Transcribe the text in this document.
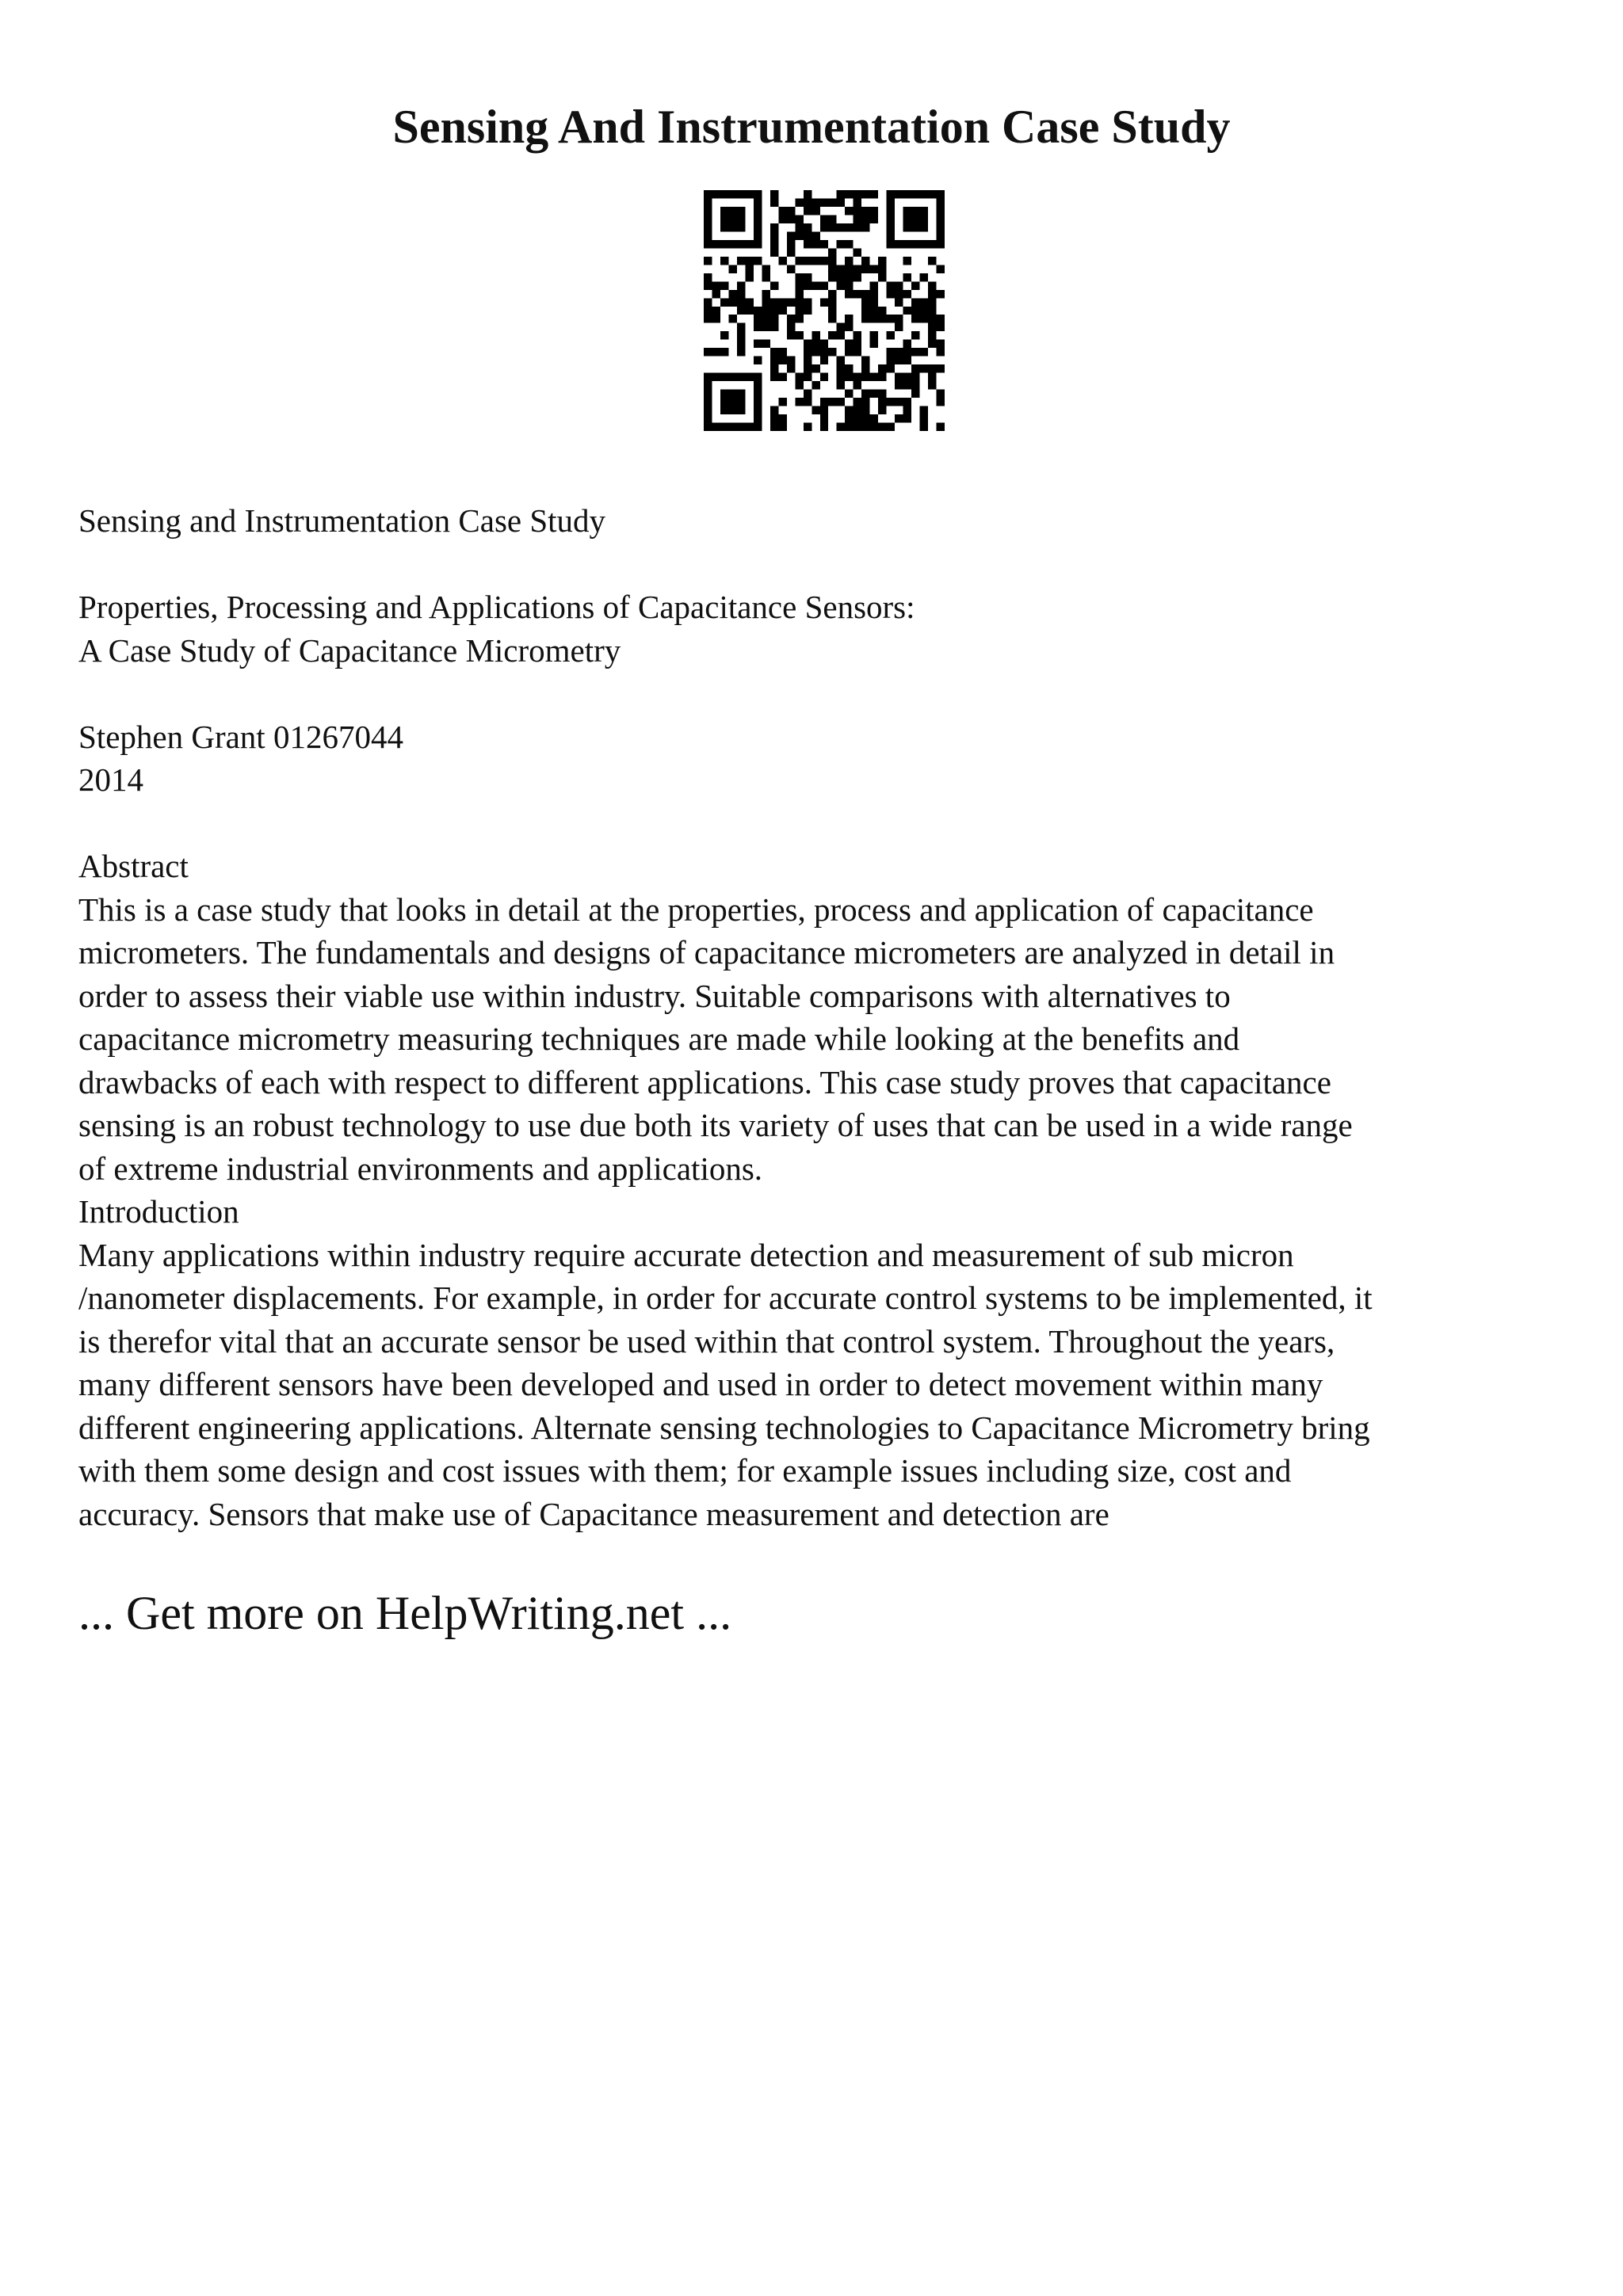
Sensing And Instrumentation Case Study

Sensing and Instrumentation Case Study

Properties, Processing and Applications of Capacitance Sensors:

A Case Study of Capacitance Micrometry

Stephen Grant 01267044

2014

Abstract

This is a case study that looks in detail at the properties, process and application of capacitance

micrometers. The fundamentals and designs of capacitance micrometers are analyzed in detail in

order to assess their viable use within industry. Suitable comparisons with alternatives to

capacitance micrometry measuring techniques are made while looking at the benefits and

drawbacks of each with respect to different applications. This case study proves that capacitance

sensing is an robust technology to use due both its variety of uses that can be used in a wide range

of extreme industrial environments and applications.

Introduction

Many applications within industry require accurate detection and measurement of sub micron

/nanometer displacements. For example, in order for accurate control systems to be implemented, it

is therefor vital that an accurate sensor be used within that control system. Throughout the years,

many different sensors have been developed and used in order to detect movement within many

different engineering applications. Alternate sensing technologies to Capacitance Micrometry bring

with them some design and cost issues with them; for example issues including size, cost and

accuracy. Sensors that make use of Capacitance measurement and detection are

... Get more on HelpWriting.net ...
